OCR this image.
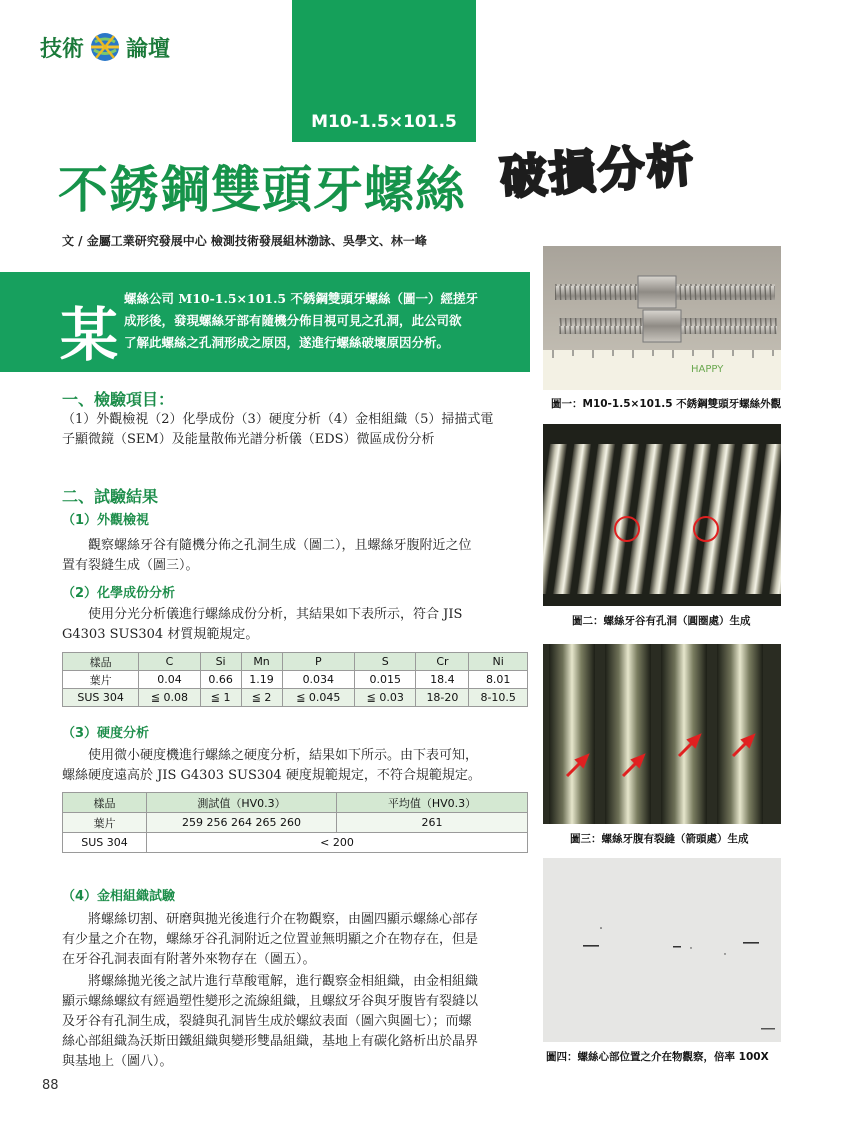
技術 論壇
M10-1.5×101.5
不銹鋼雙頭牙螺絲 破損分析
文 / 金屬工業研究發展中心 檢測技術發展組林渤詠、吳學文、林一峰
某
螺絲公司 M10-1.5×101.5 不銹鋼雙頭牙螺絲（圖一）經搓牙
成形後，發現螺絲牙部有隨機分佈目視可見之孔洞，此公司欲
了解此螺絲之孔洞形成之原因，遂進行螺絲破壞原因分析。
一、檢驗項目：
（1）外觀檢視（2）化學成份（3）硬度分析（4）金相組織（5）掃描式電
子顯微鏡（SEM）及能量散佈光譜分析儀（EDS）微區成份分析
二、試驗結果
（1）外觀檢視
觀察螺絲牙谷有隨機分佈之孔洞生成（圖二），且螺絲牙腹附近之位
置有裂縫生成（圖三）。
（2）化學成份分析
使用分光分析儀進行螺絲成份分析，其結果如下表所示，符合 JIS
G4303 SUS304 材質規範規定。
樣品	C	Si	Mn	P	S	Cr	Ni
葉片	0.04	0.66	1.19	0.034	0.015	18.4	8.01
SUS 304	≦ 0.08	≦ 1	≦ 2	≦ 0.045	≦ 0.03	18-20	8-10.5
（3）硬度分析
使用微小硬度機進行螺絲之硬度分析，結果如下所示。由下表可知，
螺絲硬度遠高於 JIS G4303 SUS304 硬度規範規定，不符合規範規定。
樣品	測試值（HV0.3）	平均值（HV0.3）
葉片	259 256 264 265 260	261
SUS 304	< 200	
（4）金相組織試驗
將螺絲切割、研磨與拋光後進行介在物觀察，由圖四顯示螺絲心部存
有少量之介在物，螺絲牙谷孔洞附近之位置並無明顯之介在物存在，但是
在牙谷孔洞表面有附著外來物存在（圖五）。
將螺絲拋光後之試片進行草酸電解，進行觀察金相組織，由金相組織
顯示螺絲螺紋有經過塑性變形之流線組織，且螺紋牙谷與牙腹皆有裂縫以
及牙谷有孔洞生成，裂縫與孔洞皆生成於螺紋表面（圖六與圖七）；而螺
絲心部組織為沃斯田鐵組織與變形雙晶組織，基地上有碳化鉻析出於晶界
與基地上（圖八）。
HAPPY
圖一：M10-1.5×101.5 不銹鋼雙頭牙螺絲外觀
圖二：螺絲牙谷有孔洞（圓圈處）生成
圖三：螺絲牙腹有裂縫（箭頭處）生成
圖四：螺絲心部位置之介在物觀察，倍率 100X
88
